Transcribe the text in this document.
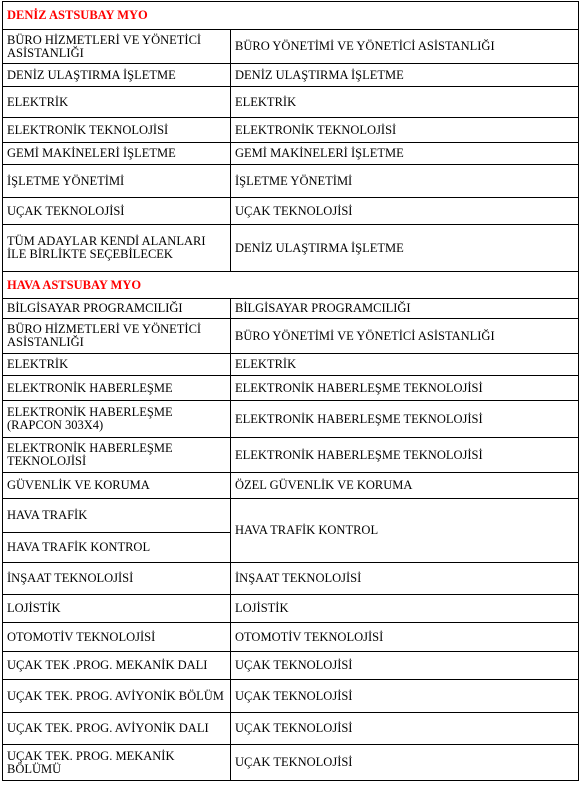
DENİZ ASTSUBAY MYO	
BÜRO HİZMETLERİ VE YÖNETİCİ ASİSTANLIĞI	BÜRO YÖNETİMİ VE YÖNETİCİ ASİSTANLIĞI
DENİZ ULAŞTIRMA İŞLETME	DENİZ ULAŞTIRMA İŞLETME
ELEKTRİK	ELEKTRİK
ELEKTRONİK TEKNOLOJİSİ	ELEKTRONİK TEKNOLOJİSİ
GEMİ MAKİNELERİ İŞLETME	GEMİ MAKİNELERİ İŞLETME
İŞLETME YÖNETİMİ	İŞLETME YÖNETİMİ
UÇAK TEKNOLOJİSİ	UÇAK TEKNOLOJİSİ
TÜM ADAYLAR KENDİ ALANLARI İLE BİRLİKTE SEÇEBİLECEK	DENİZ ULAŞTIRMA İŞLETME
HAVA ASTSUBAY MYO	
BİLGİSAYAR PROGRAMCILIĞI	BİLGİSAYAR PROGRAMCILIĞI
BÜRO HİZMETLERİ VE YÖNETİCİ ASİSTANLIĞI	BÜRO YÖNETİMİ VE YÖNETİCİ ASİSTANLIĞI
ELEKTRİK	ELEKTRİK
ELEKTRONİK HABERLEŞME	ELEKTRONİK HABERLEŞME TEKNOLOJİSİ
ELEKTRONİK HABERLEŞME (RAPCON 303X4)	ELEKTRONİK HABERLEŞME TEKNOLOJİSİ
ELEKTRONİK HABERLEŞME TEKNOLOJİSİ	ELEKTRONİK HABERLEŞME TEKNOLOJİSİ
GÜVENLİK VE KORUMA	ÖZEL GÜVENLİK VE KORUMA
HAVA TRAFİK	HAVA TRAFİK KONTROL
HAVA TRAFİK KONTROL	
İNŞAAT TEKNOLOJİSİ	İNŞAAT TEKNOLOJİSİ
LOJİSTİK	LOJİSTİK
OTOMOTİV TEKNOLOJİSİ	OTOMOTİV TEKNOLOJİSİ
UÇAK TEK .PROG. MEKANİK DALI	UÇAK TEKNOLOJİSİ
UÇAK TEK. PROG. AVİYONİK BÖLÜM	UÇAK TEKNOLOJİSİ
UÇAK TEK. PROG. AVİYONİK DALI	UÇAK TEKNOLOJİSİ
UÇAK TEK. PROG. MEKANİK BÖLÜMÜ	UÇAK TEKNOLOJİSİ
